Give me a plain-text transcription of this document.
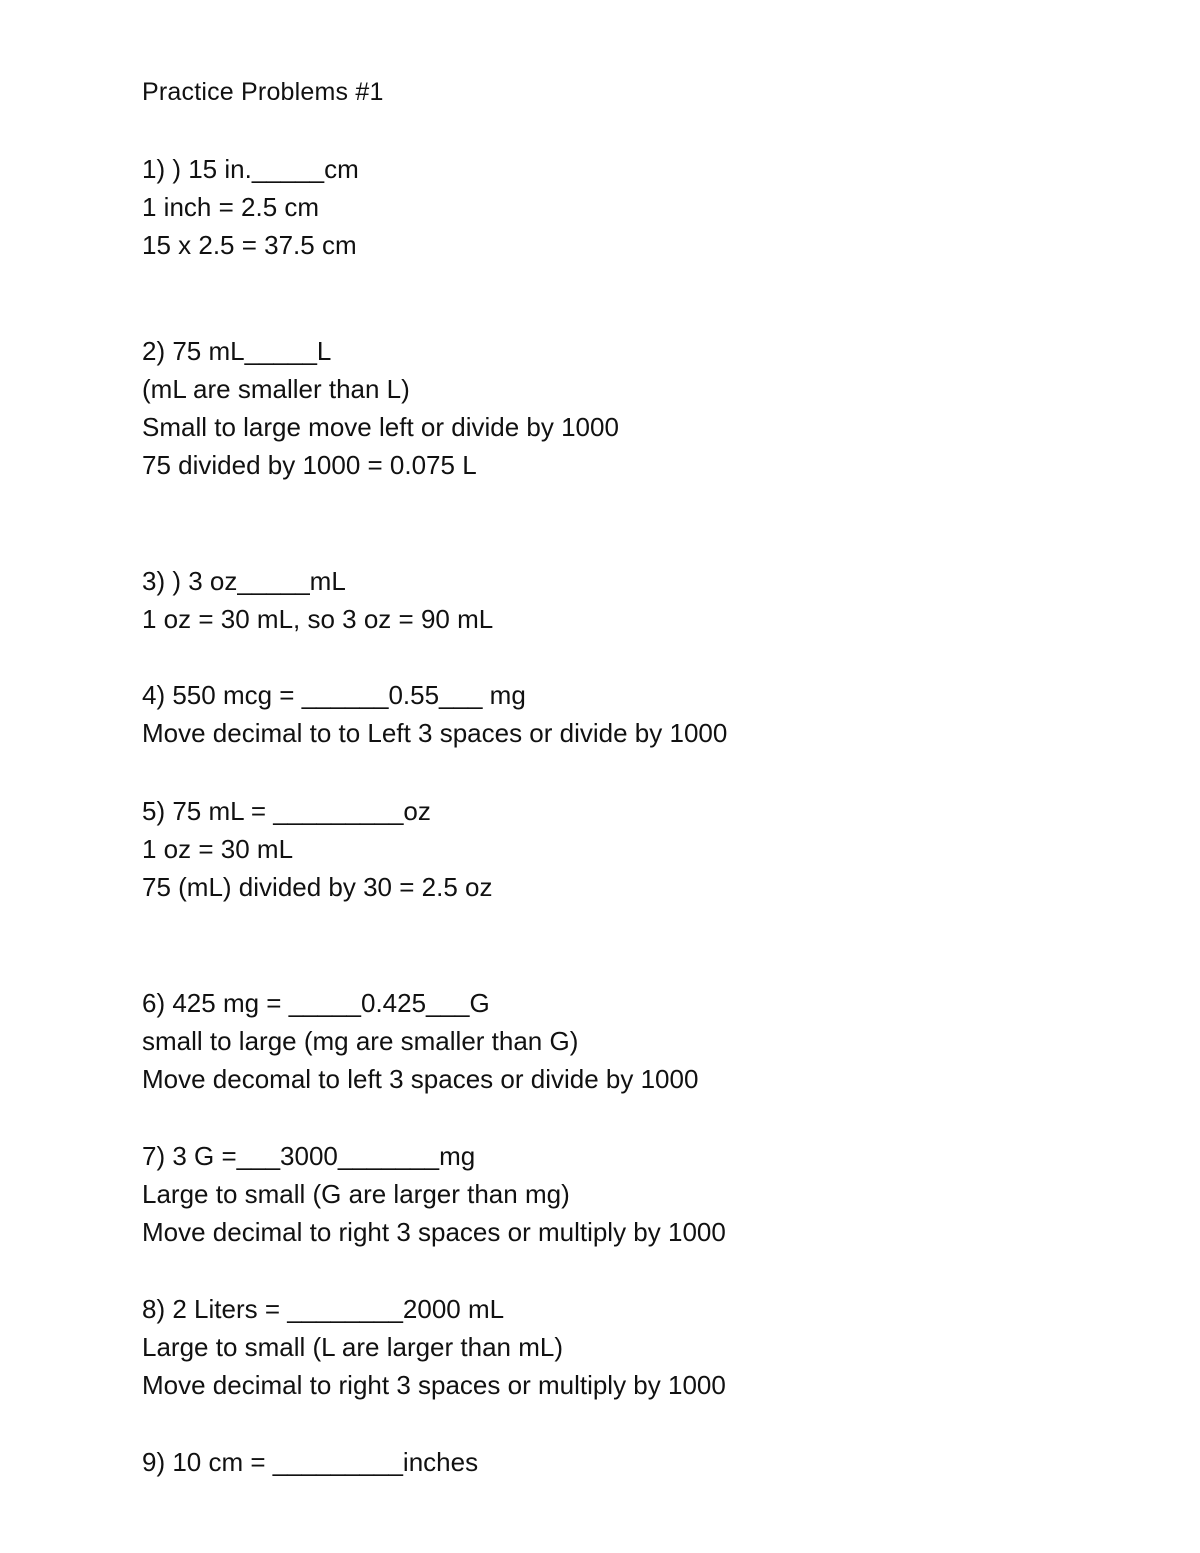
Practice Problems #1
1) ) 15 in._____cm
1 inch = 2.5 cm
15 x 2.5 = 37.5 cm
2) 75 mL_____L
(mL are smaller than L)
Small to large move left or divide by 1000
75 divided by 1000 = 0.075 L
3) ) 3 oz_____mL
1 oz = 30 mL, so 3 oz = 90 mL
4) 550 mcg = ______0.55___ mg
Move decimal to to Left 3 spaces or divide by 1000
5) 75 mL = _________oz
1 oz = 30 mL
75 (mL) divided by 30 = 2.5 oz
6) 425 mg = _____0.425___G
small to large (mg are smaller than G)
Move decomal to left 3 spaces or divide by 1000
7) 3 G =___3000_______mg
Large to small (G are larger than mg)
Move decimal to right 3 spaces or multiply by 1000
8) 2 Liters = ________2000 mL
Large to small (L are larger than mL)
Move decimal to right 3 spaces or multiply by 1000
9) 10 cm = _________inches
